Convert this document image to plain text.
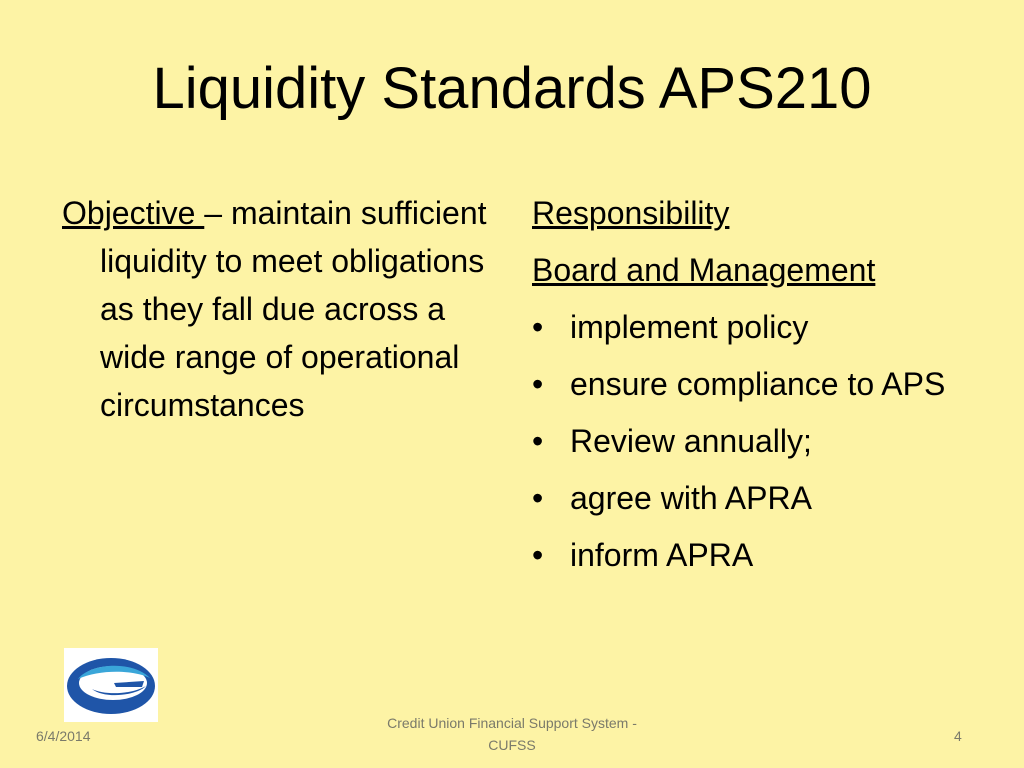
Liquidity Standards APS210

Objective – maintain sufficient liquidity to meet obligations as they fall due across a wide range of operational circumstances

Responsibility

Board and Management

• implement policy
• ensure compliance to APS
• Review annually;
• agree with APRA
• inform APRA
6/4/2014
Credit Union Financial Support System -
CUFSS
4
